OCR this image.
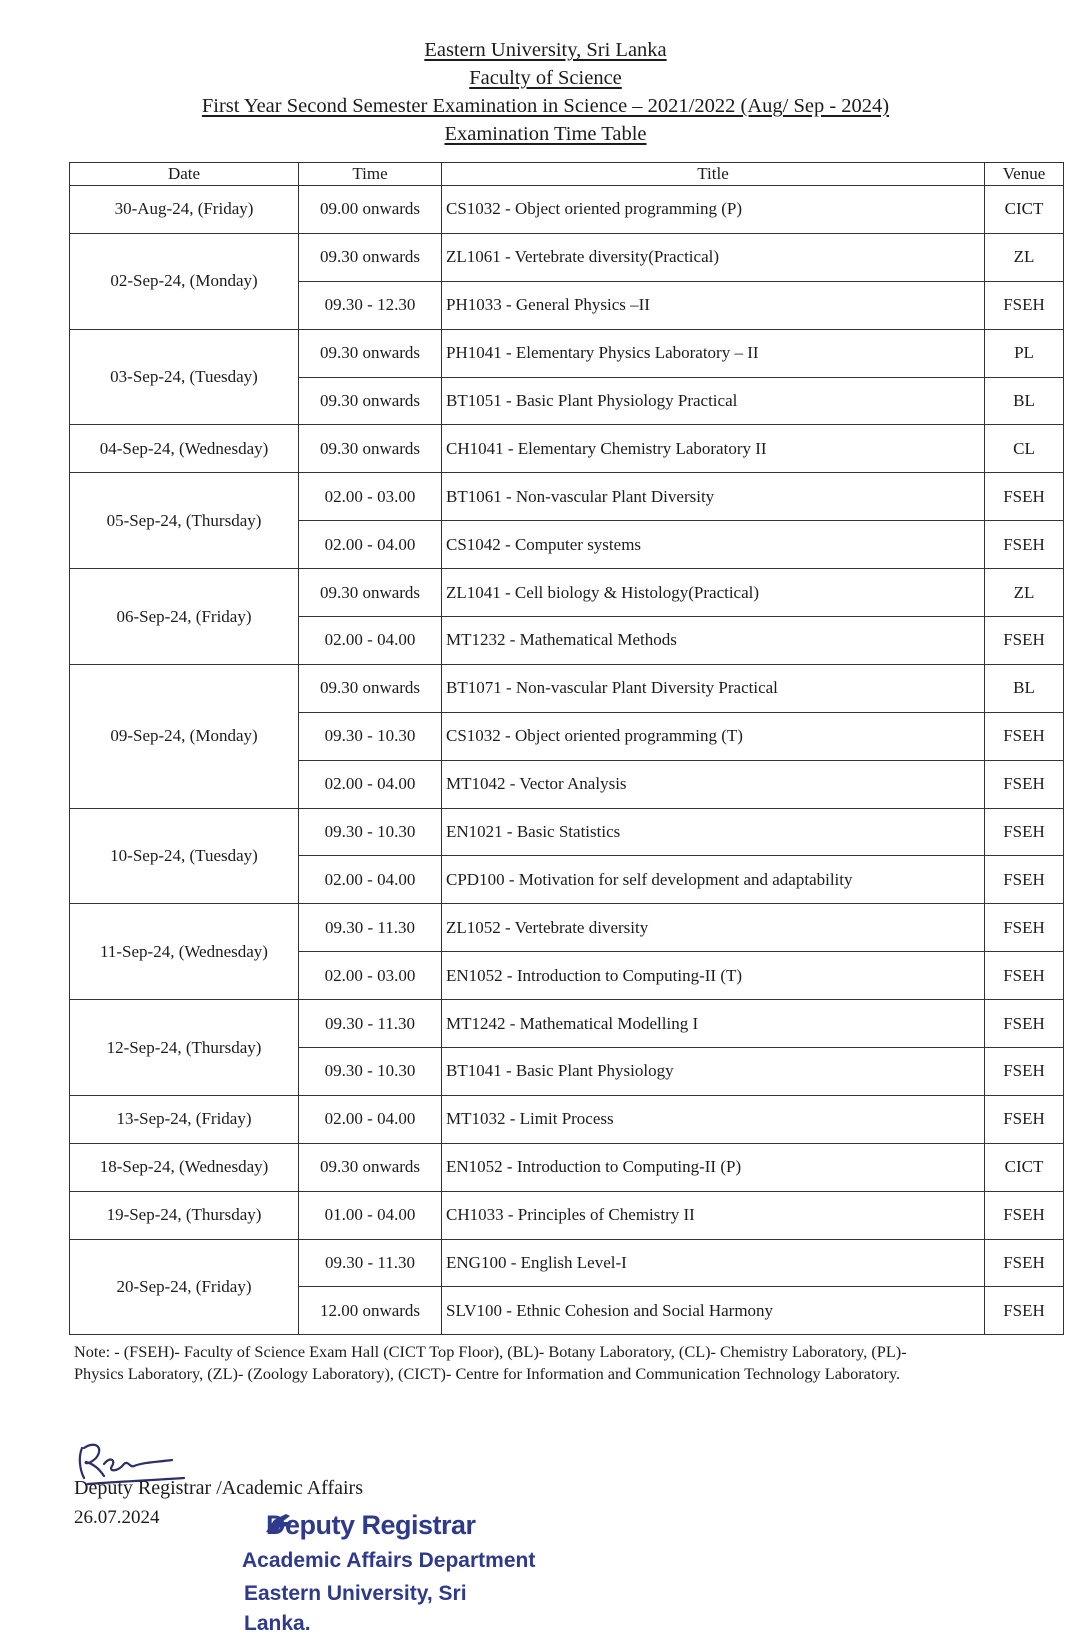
Eastern University, Sri Lanka
Faculty of Science
First Year Second Semester Examination in Science – 2021/2022 (Aug/ Sep - 2024)
Examination Time Table
Date	Time	Title	Venue
30-Aug-24, (Friday)	09.00 onwards	CS1032 - Object oriented programming (P)	CICT
02-Sep-24, (Monday)	09.30 onwards	ZL1061 - Vertebrate diversity(Practical)	ZL
	09.30 - 12.30	PH1033 - General Physics –II	FSEH
03-Sep-24, (Tuesday)	09.30 onwards	PH1041 - Elementary Physics Laboratory – II	PL
	09.30 onwards	BT1051 - Basic Plant Physiology Practical	BL
04-Sep-24, (Wednesday)	09.30 onwards	CH1041 - Elementary Chemistry Laboratory II	CL
05-Sep-24, (Thursday)	02.00 - 03.00	BT1061 - Non-vascular Plant Diversity	FSEH
	02.00 - 04.00	CS1042 - Computer systems	FSEH
06-Sep-24, (Friday)	09.30 onwards	ZL1041 - Cell biology & Histology(Practical)	ZL
	02.00 - 04.00	MT1232 - Mathematical Methods	FSEH
09-Sep-24, (Monday)	09.30 onwards	BT1071 - Non-vascular Plant Diversity Practical	BL
	09.30 - 10.30	CS1032 - Object oriented programming (T)	FSEH
	02.00 - 04.00	MT1042 - Vector Analysis	FSEH
10-Sep-24, (Tuesday)	09.30 - 10.30	EN1021 - Basic Statistics	FSEH
	02.00 - 04.00	CPD100 - Motivation for self development and adaptability	FSEH
11-Sep-24, (Wednesday)	09.30 - 11.30	ZL1052 - Vertebrate diversity	FSEH
	02.00 - 03.00	EN1052 - Introduction to Computing-II (T)	FSEH
12-Sep-24, (Thursday)	09.30 - 11.30	MT1242 - Mathematical Modelling I	FSEH
	09.30 - 10.30	BT1041 - Basic Plant Physiology	FSEH
13-Sep-24, (Friday)	02.00 - 04.00	MT1032 - Limit Process	FSEH
18-Sep-24, (Wednesday)	09.30 onwards	EN1052 - Introduction to Computing-II (P)	CICT
19-Sep-24, (Thursday)	01.00 - 04.00	CH1033 - Principles of Chemistry II	FSEH
20-Sep-24, (Friday)	09.30 - 11.30	ENG100 - English Level-I	FSEH
	12.00 onwards	SLV100 - Ethnic Cohesion and Social Harmony	FSEH
Note: - (FSEH)- Faculty of Science Exam Hall (CICT Top Floor), (BL)- Botany Laboratory, (CL)- Chemistry Laboratory, (PL)- Physics Laboratory, (ZL)- (Zoology Laboratory), (CICT)- Centre for Information and Communication Technology Laboratory.
Deputy Registrar /Academic Affairs
26.07.2024	Deputy Registrar
Academic Affairs Department
Eastern University, Sri Lanka.
